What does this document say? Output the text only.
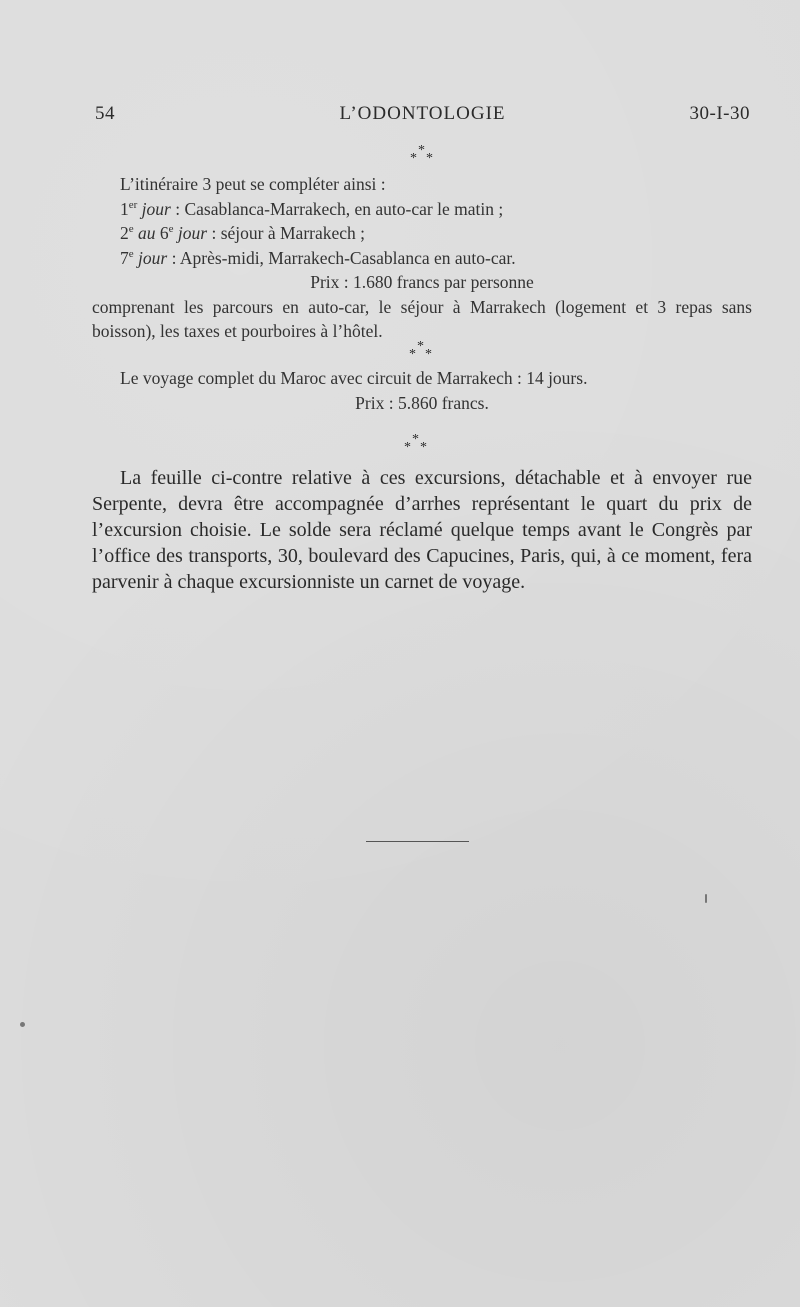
54	L’ODONTOLOGIE	30-I-30
*
* *

L’itinéraire 3 peut se compléter ainsi :

1er jour : Casablanca-Marrakech, en auto-car le matin ;

2e au 6e jour : séjour à Marrakech ;

7e jour : Après-midi, Marrakech-Casablanca en auto-car.

Prix : 1.680 francs par personne

comprenant les parcours en auto-car, le séjour à Marrakech (logement et 3 repas sans boisson), les taxes et pourboires à l’hôtel.

*
* *

Le voyage complet du Maroc avec circuit de Marrakech : 14 jours.

Prix : 5.860 francs.

*
* *

La feuille ci-contre relative à ces excursions, détachable et à envoyer rue Serpente, devra être accompagnée d’arrhes représentant le quart du prix de l’excursion choisie. Le solde sera réclamé quelque temps avant le Congrès par l’office des transports, 30, boulevard des Capucines, Paris, qui, à ce moment, fera parvenir à chaque excursionniste un carnet de voyage.
